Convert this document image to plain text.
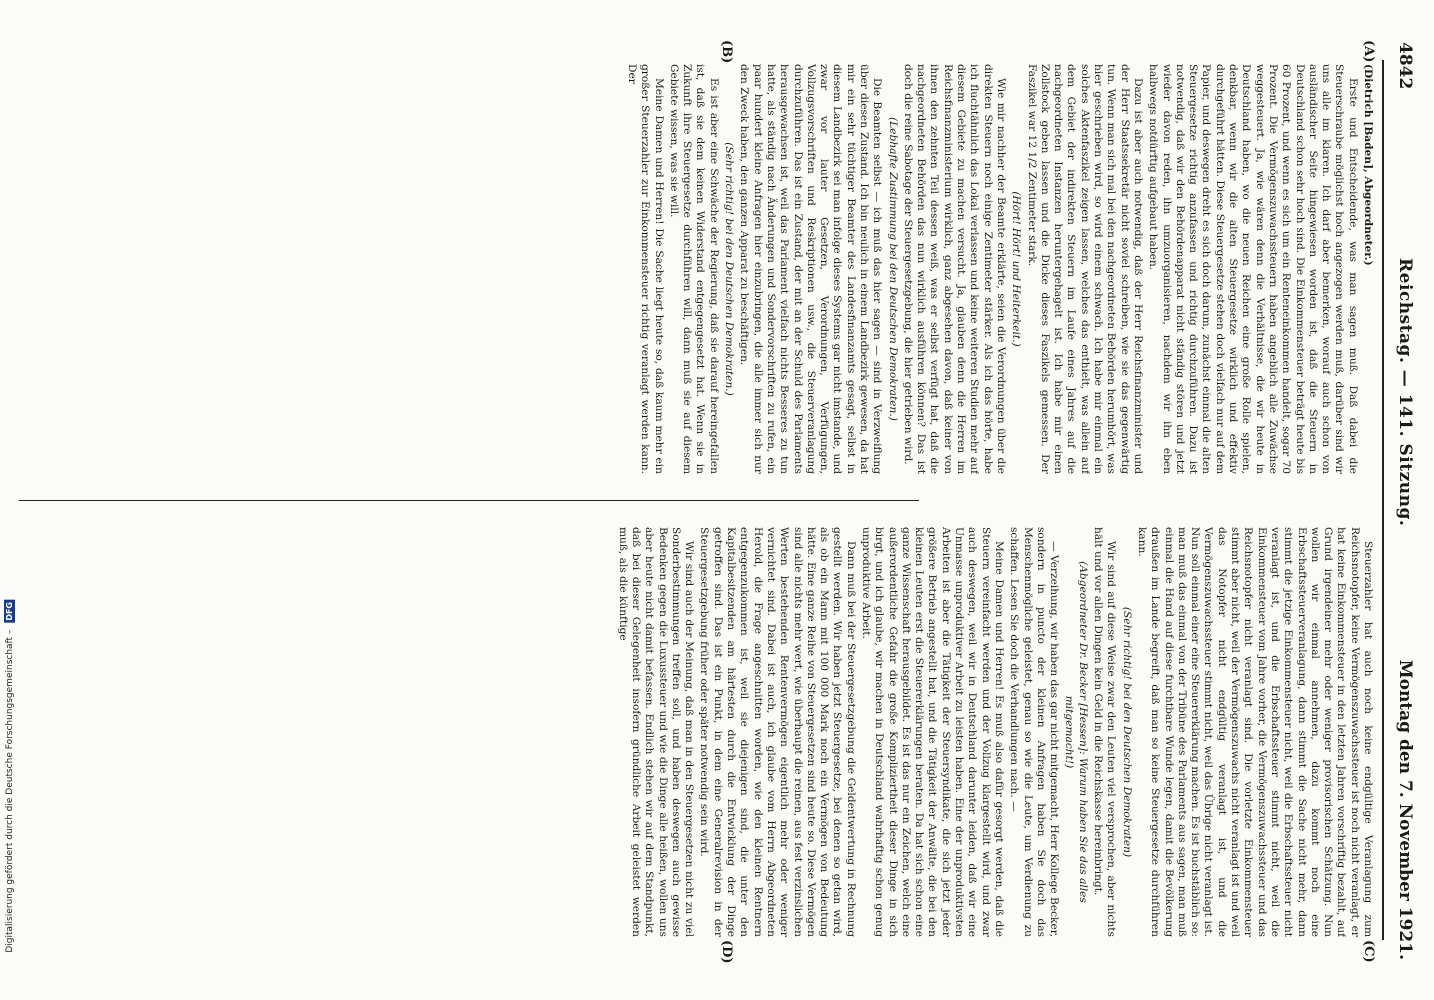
4842
Reichstag. — 141. Sitzung.
Montag den 7. November 1921.
(A)
(B)
(C)
(D)

(Dietrich [Baden], Abgeordneter.)

Erste und Entscheidende, was man sagen muß. Daß dabei die Steuerschraube möglichst hoch angezogen werden muß, darüber sind wir uns alle im klaren. Ich darf aber bemerken, worauf auch schon von ausländischer Seite hingewiesen worden ist, daß die Steuern in Deutschland schon sehr hoch sind. Die Einkommensteuer beträgt heute bis 60 Prozent, und wenn es sich um ein Renteneinkommen handelt, sogar 70 Prozent. Die Vermögenszuwachssteuern haben angeblich alle Zuwächse weggesteuert. Ja, wie wären denn die Verhältnisse, die wir heute in Deutschland haben, wo die neuen Reichen eine große Rolle spielen, denkbar, wenn wir die alten Steuergesetze wirklich und effektiv durchgeführt hätten. Diese Steuergesetze stehen doch vielfach nur auf dem Papier, und deswegen dreht es sich doch darum, zunächst einmal die alten Steuergesetze richtig anzufassen und richtig durchzuführen. Dazu ist notwendig, daß wir den Behördenapparat nicht ständig stören und jetzt wieder davon reden, ihn umzuorganisieren, nachdem wir ihn eben halbwegs notdürftig aufgebaut haben.

Dazu ist aber auch notwendig, daß der Herr Reichsfinanzminister und der Herr Staatssekretär nicht soviel schreiben, wie sie das gegenwärtig tun. Wenn man sich mal bei den nachgeordneten Behörden herumhört, was hier geschrieben wird, so wird einem schwach. Ich habe mir einmal ein solches Aktenfaszikel zeigen lassen, welches das enthielt, was allein auf dem Gebiet der indirekten Steuern im Laufe eines Jahres auf die nachgeordneten Instanzen heruntergehagelt ist. Ich habe mir einen Zollstock geben lassen und die Dicke dieses Faszikels gemessen. Der Faszikel war 12 1/2 Zentimeter stark.

(Hört! Hört! und Heiterkeit.)

Wie mir nachher der Beamte erklärte, seien die Verordnungen über die direkten Steuern noch einige Zentimeter stärker. Als ich das hörte, habe ich fluchtähnlich das Lokal verlassen und keine weiteren Studien mehr auf diesem Gebiete zu machen versucht. Ja, glauben denn die Herren im Reichsfinanzministerium wirklich, ganz abgesehen davon, daß keiner von ihnen den zehnten Teil dessen weiß, was er selbst verfügt hat, daß die nachgeordneten Behörden das nun wirklich ausführen können? Das ist doch die reine Sabotage der Steuergesetzgebung, die hier getrieben wird.

(Lebhafte Zustimmung bei den Deutschen Demokraten.)

Die Beamten selbst — ich muß das hier sagen — sind in Verzweiflung über diesen Zustand. Ich bin neulich in einem Landbezirk gewesen, da hat mir ein sehr tüchtiger Beamter des Landesfinanzamts gesagt, selbst in diesem Landbezirk sei man infolge dieses Systems gar nicht imstande, und zwar vor lauter Gesetzen, Verordnungen, Verfügungen, Vollzugsvorschriften und Reskriptionen usw., die Steuerveranlagung durchzuführen. Das ist ein Zustand, der mit an der Schuld des Parlaments herausgewachsen ist, weil das Parlament vielfach nichts Besseres zu tun hatte, als ständig nach Änderungen und Sondervorschriften zu rufen, ein paar hundert kleine Anfragen hier einzubringen, die alle immer sich nur den Zweck haben, den ganzen Apparat zu beschäftigen.

(Sehr richtig! bei den Deutschen Demokraten.)

Es ist aber eine Schwäche der Regierung, daß sie darauf hereingefallen ist, daß sie dem keinen Widerstand entgegengesetzt hat. Wenn sie in Zukunft ihre Steuergesetze durchführen will, dann muß sie auf diesem Gebiete wissen, was sie will.

Meine Damen und Herren! Die Sache liegt heute so, daß kaum mehr ein großer Steuerzahler zur Einkommensteuer richtig veranlagt werden kann. Der

Steuerzahler hat auch noch keine endgültige Veranlagung zum Reichsnotopfer, keine Vermögenszuwachssteuer ist noch nicht veranlagt, er hat keine Einkommensteuer in den letzten Jahren vorschriftig bezahlt, auf Grund irgendeiner mehr oder weniger provisorischen Schätzung. Nun wollen wir einmal annehmen, dazu kommt noch eine Erbschaftssteuerveranlagung, dann stimmt die Sache nicht mehr, dann stimmt die jetzige Einkommensteuer nicht, weil die Erbschaftssteuer nicht veranlagt ist, und die Erbschaftssteuer stimmt nicht, weil die Einkommensteuer vom Jahre vorher, die Vermögenszuwachssteuer und das Reichsnotopfer nicht veranlagt sind. Die vorletzte Einkommensteuer stimmt aber nicht, weil der Vermögenszuwachs nicht veranlagt ist und weil das Notopfer nicht endgültig veranlagt ist, und die Vermögenszuwachssteuer stimmt nicht, weil das Übrige nicht veranlagt ist. Nun soll einmal einer eine Steuererklärung machen. Es ist buchstäblich so: man muß das einmal von der Tribüne des Parlaments aus sagen, man muß einmal die Hand auf diese furchtbare Wunde legen, damit die Bevölkerung draußen im Lande begreift, daß man so keine Steuergesetze durchführen kann.

(Sehr richtig! bei den Deutschen Demokraten)

Wir sind auf diese Weise zwar den Leuten viel versprochen, aber nichts hält und vor allen Dingen kein Geld in die Reichskasse hereinbringt.

(Abgeordneter Dr. Becker [Hessen]: Warum haben Sie das alles mitgemacht!)

— Verzeihung, wir haben das gar nicht mitgemacht, Herr Kollege Becker, sondern in puncto der kleinen Anfragen haben Sie doch das Menschenmögliche geleistet, genau so wie die Leute, um Verdienung zu schaffen. Lesen Sie doch die Verhandlungen nach. —

Meine Damen und Herren! Es muß also dafür gesorgt werden, daß die Steuern vereinfacht werden und der Vollzug klargestellt wird, und zwar auch deswegen, weil wir in Deutschland darunter leiden, daß wir eine Unmasse unproduktiver Arbeit zu leisten haben. Eine der unproduktivsten Arbeiten ist aber die Tätigkeit der Steuersyndikate, die sich jetzt jeder größere Betrieb angestellt hat, und die Tätigkeit der Anwälte, die bei den kleinen Leuten erst die Steuererklärungen beraten. Da hat sich schon eine ganze Wissenschaft herausgebildet. Es ist das nur ein Zeichen, welch eine außerordentliche Gefahr die große Kompliziertheit dieser Dinge in sich birgt, und ich glaube, wir machen in Deutschland wahrhaftig schon genug unproduktive Arbeit.

Dann muß bei der Steuergesetzgebung die Geldentwertung in Rechnung gestellt werden. Wir haben jetzt Steuergesetze, bei denen so getan wird, als ob ein Mann mit 100 000 Mark noch ein Vermögen von Bedeutung hätte. Eine ganze Reihe von Steuergesetzen sind heute so. Diese Vermögen sind alle nichts mehr wert, wie überhaupt die reinen, aus fest verzinslichen Werten bestehenden Rentenvermögen eigentlich mehr oder weniger vernichtet sind. Dabei ist auch, ich glaube vom Herrn Abgeordneten Herold, die Frage angeschnitten worden, wie den kleinen Rentnern entgegenzukommen ist, weil sie diejenigen sind, die unter den Kapitalbesitzenden am härtesten durch die Entwicklung der Dinge getroffen sind. Das ist ein Punkt, in dem eine Generalrevision in der Steuergesetzgebung früher oder später notwendig sein wird.

Wir sind auch der Meinung, daß man in den Steuergesetzen nicht zu viel Sonderbestimmungen treffen soll, und haben deswegen auch gewisse Bedenken gegen die Luxussteuer und wie die Dinge alle heißen, wollen uns aber heute nicht damit befassen. Endlich stehen wir auf dem Standpunkt, daß bei dieser Gelegenheit insofern gründliche Arbeit geleistet werden muß, als die künftige

Digitalisierung gefördert durch die Deutsche Forschungsgemeinschaft – DFG
